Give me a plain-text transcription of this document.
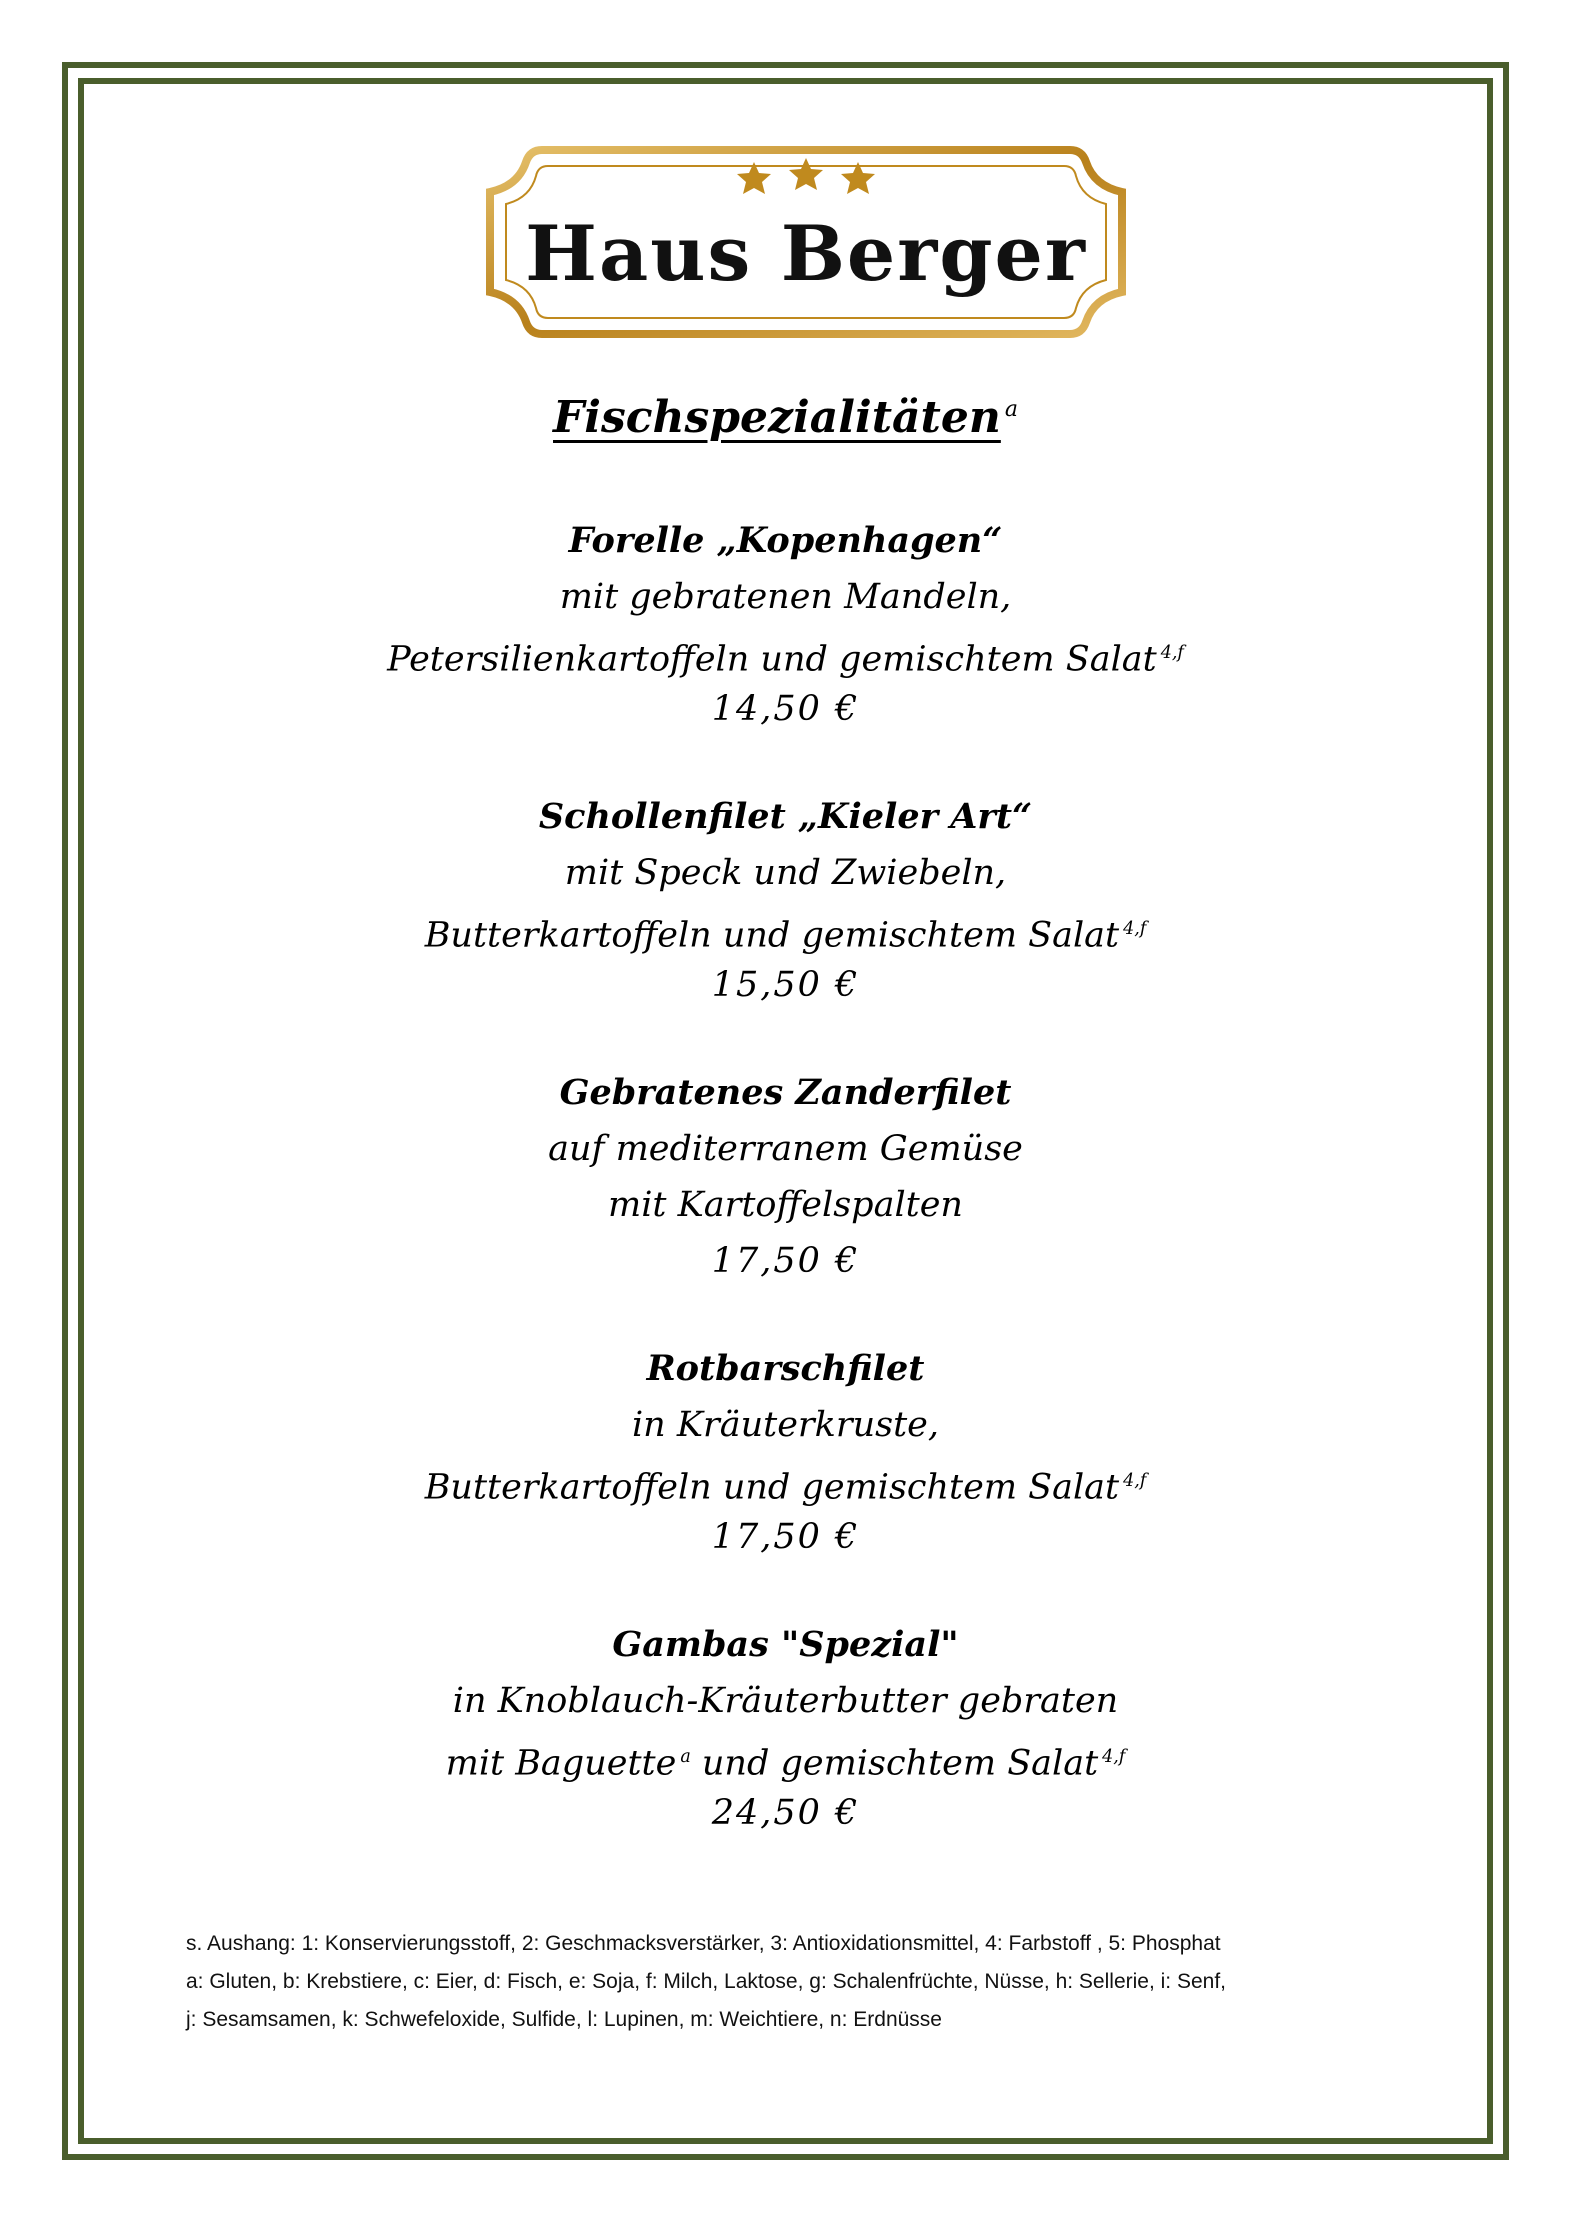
Haus Berger
Fischspezialitäten $^a$
Forelle „Kopenhagen“
mit gebratenen Mandeln,
Petersilienkartoffeln und gemischtem Salat $^{4,f}$
14,50 €
Schollenfilet „Kieler Art“
mit Speck und Zwiebeln,
Butterkartoffeln und gemischtem Salat $^{4,f}$
15,50 €
Gebratenes Zanderfilet
auf mediterranem Gemüse
mit Kartoffelspalten
17,50 €
Rotbarschfilet
in Kräuterkruste,
Butterkartoffeln und gemischtem Salat $^{4,f}$
17,50 €
Gambas "Spezial"
in Knoblauch-Kräuterbutter gebraten
mit Baguette $^a$ und gemischtem Salat $^{4,f}$
24,50 €
s. Aushang: 1: Konservierungsstoff, 2: Geschmacksverstärker, 3: Antioxidationsmittel, 4: Farbstoff , 5: Phosphat
a: Gluten, b: Krebstiere, c: Eier, d: Fisch, e: Soja, f: Milch, Laktose, g: Schalenfrüchte, Nüsse, h: Sellerie, i: Senf,
j: Sesamsamen, k: Schwefeloxide, Sulfide, l: Lupinen, m: Weichtiere, n: Erdnüsse
